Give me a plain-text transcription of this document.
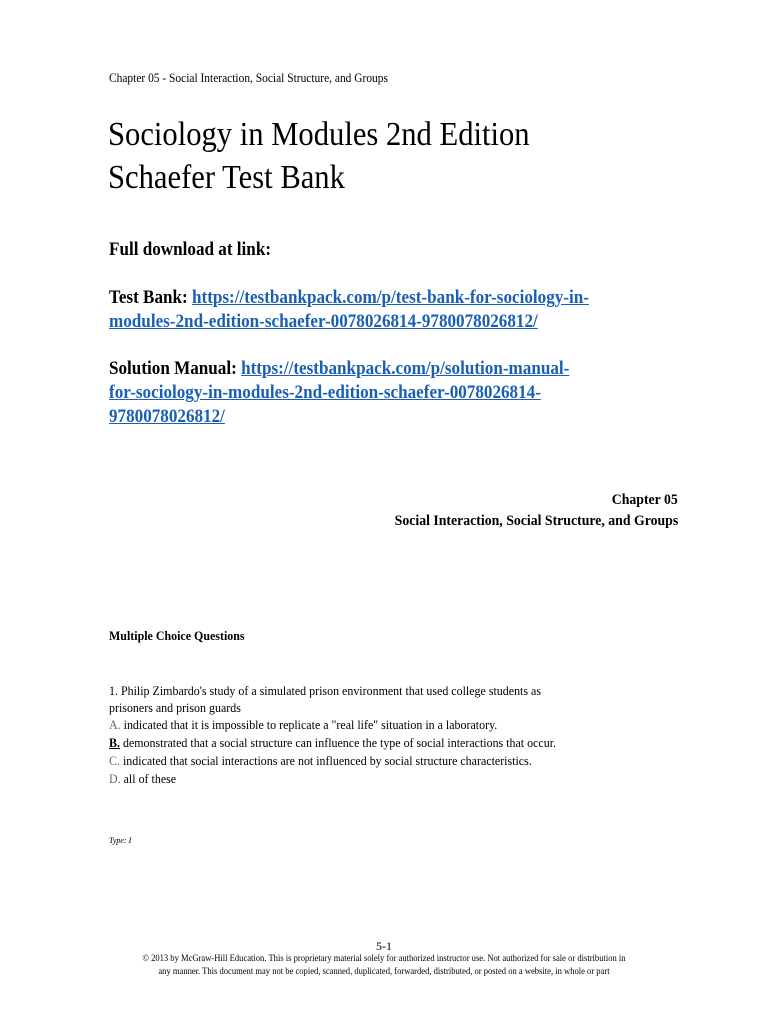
Chapter 05 - Social Interaction, Social Structure, and Groups
Sociology in Modules 2nd Edition
Schaefer Test Bank
Full download at link:
Test Bank: https://testbankpack.com/p/test-bank-for-sociology-in-
modules-2nd-edition-schaefer-0078026814-9780078026812/
Solution Manual: https://testbankpack.com/p/solution-manual-
for-sociology-in-modules-2nd-edition-schaefer-0078026814-
9780078026812/
Chapter 05
Social Interaction, Social Structure, and Groups
Multiple Choice Questions
1. Philip Zimbardo's study of a simulated prison environment that used college students as
prisoners and prison guards
A. indicated that it is impossible to replicate a "real life" situation in a laboratory.
B. demonstrated that a social structure can influence the type of social interactions that occur.
C. indicated that social interactions are not influenced by social structure characteristics.
D. all of these
Type: I
5-1
© 2013 by McGraw-Hill Education. This is proprietary material solely for authorized instructor use. Not authorized for sale or distribution in
any manner. This document may not be copied, scanned, duplicated, forwarded, distributed, or posted on a website, in whole or part
